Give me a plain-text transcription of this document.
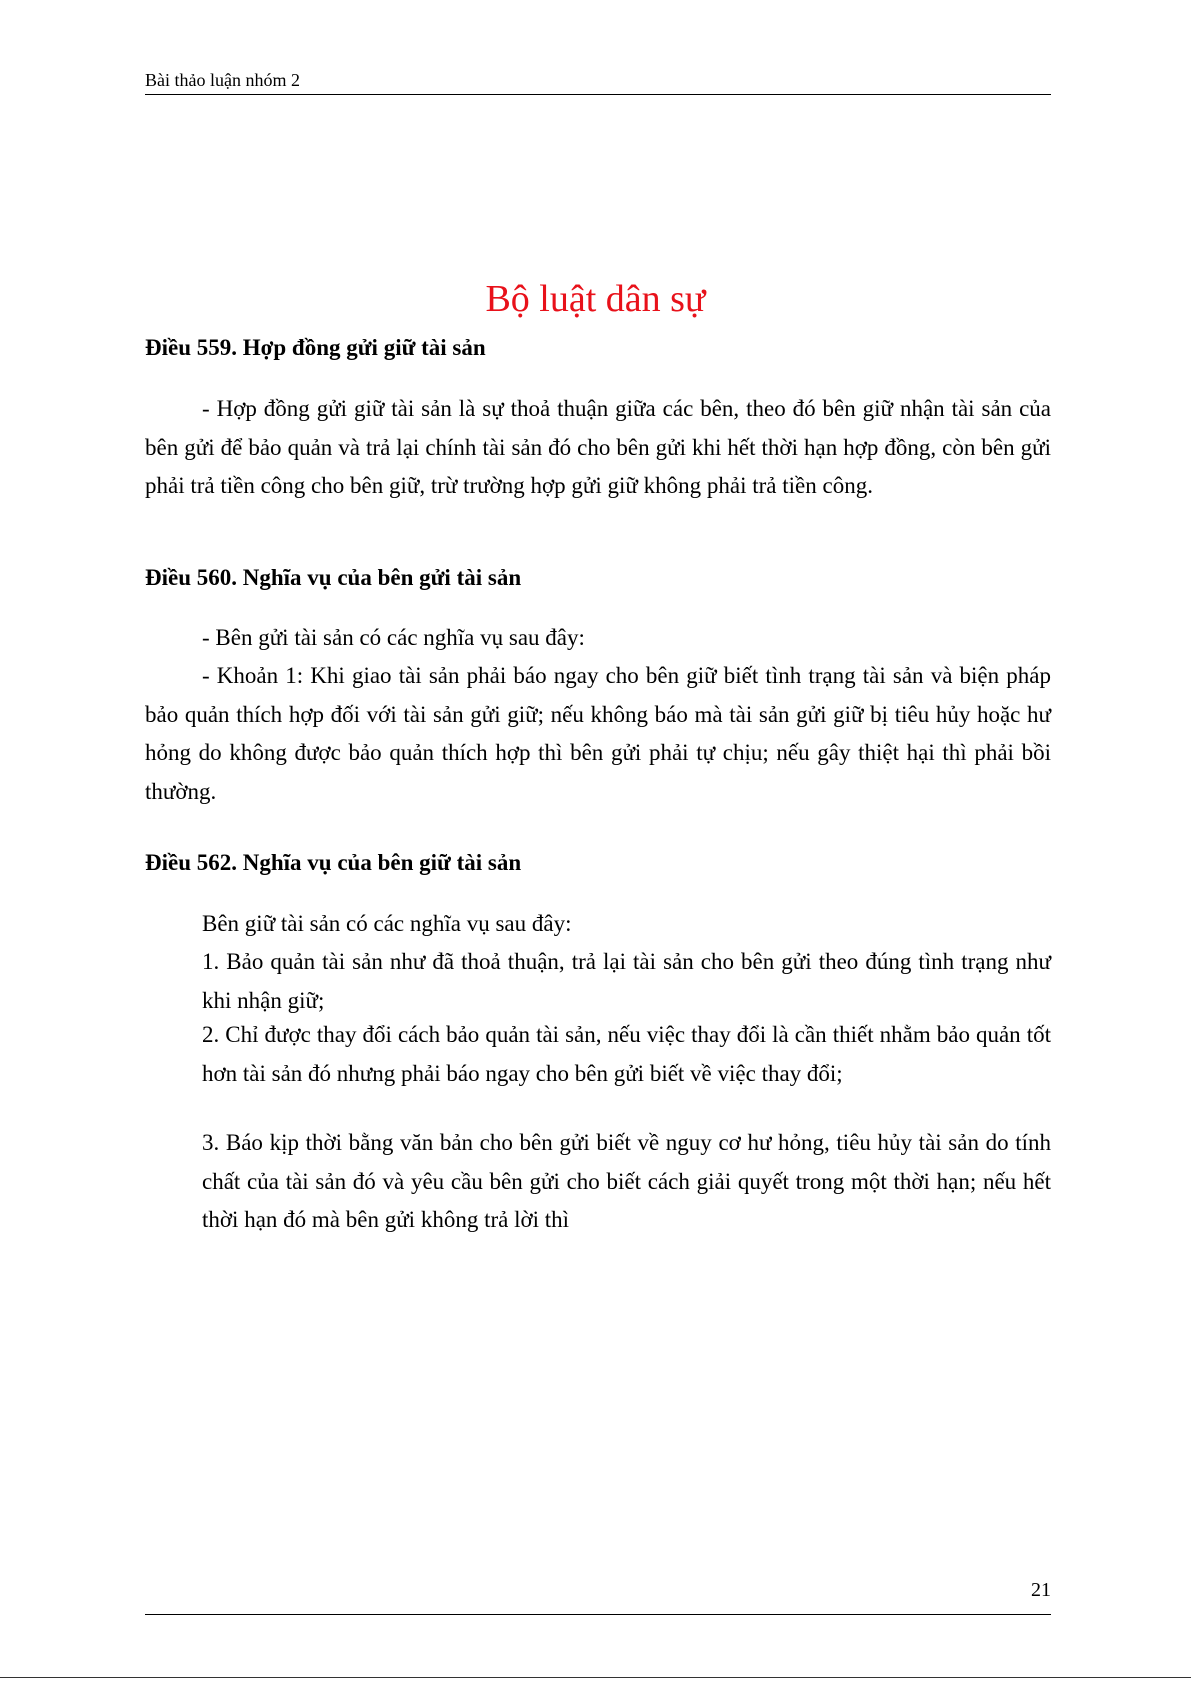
Bài thảo luận nhóm 2
Bộ luật dân sự
Điều 559. Hợp đồng gửi giữ tài sản
- Hợp đồng gửi giữ tài sản là sự thoả thuận giữa các bên, theo đó bên giữ nhận tài sản của bên gửi để bảo quản và trả lại chính tài sản đó cho bên gửi khi hết thời hạn hợp đồng, còn bên gửi phải trả tiền công cho bên giữ, trừ trường hợp gửi giữ không phải trả tiền công.
Điều 560. Nghĩa vụ của bên gửi tài sản
- Bên gửi tài sản có các nghĩa vụ sau đây:
- Khoản 1: Khi giao tài sản phải báo ngay cho bên giữ biết tình trạng tài sản và biện pháp bảo quản thích hợp đối với tài sản gửi giữ; nếu không báo mà tài sản gửi giữ bị tiêu hủy hoặc hư hỏng do không được bảo quản thích hợp thì bên gửi phải tự chịu; nếu gây thiệt hại thì phải bồi thường.
Điều 562. Nghĩa vụ của bên giữ tài sản
Bên giữ tài sản có các nghĩa vụ sau đây:
1. Bảo quản tài sản như đã thoả thuận, trả lại tài sản cho bên gửi theo đúng tình trạng như khi nhận giữ;
2. Chỉ được thay đổi cách bảo quản tài sản, nếu việc thay đổi là cần thiết nhằm bảo quản tốt hơn tài sản đó nhưng phải báo ngay cho bên gửi biết về việc thay đổi;
3. Báo kịp thời bằng văn bản cho bên gửi biết về nguy cơ hư hỏng, tiêu hủy tài sản do tính chất của tài sản đó và yêu cầu bên gửi cho biết cách giải quyết trong một thời hạn; nếu hết thời hạn đó mà bên gửi không trả lời thì
21
